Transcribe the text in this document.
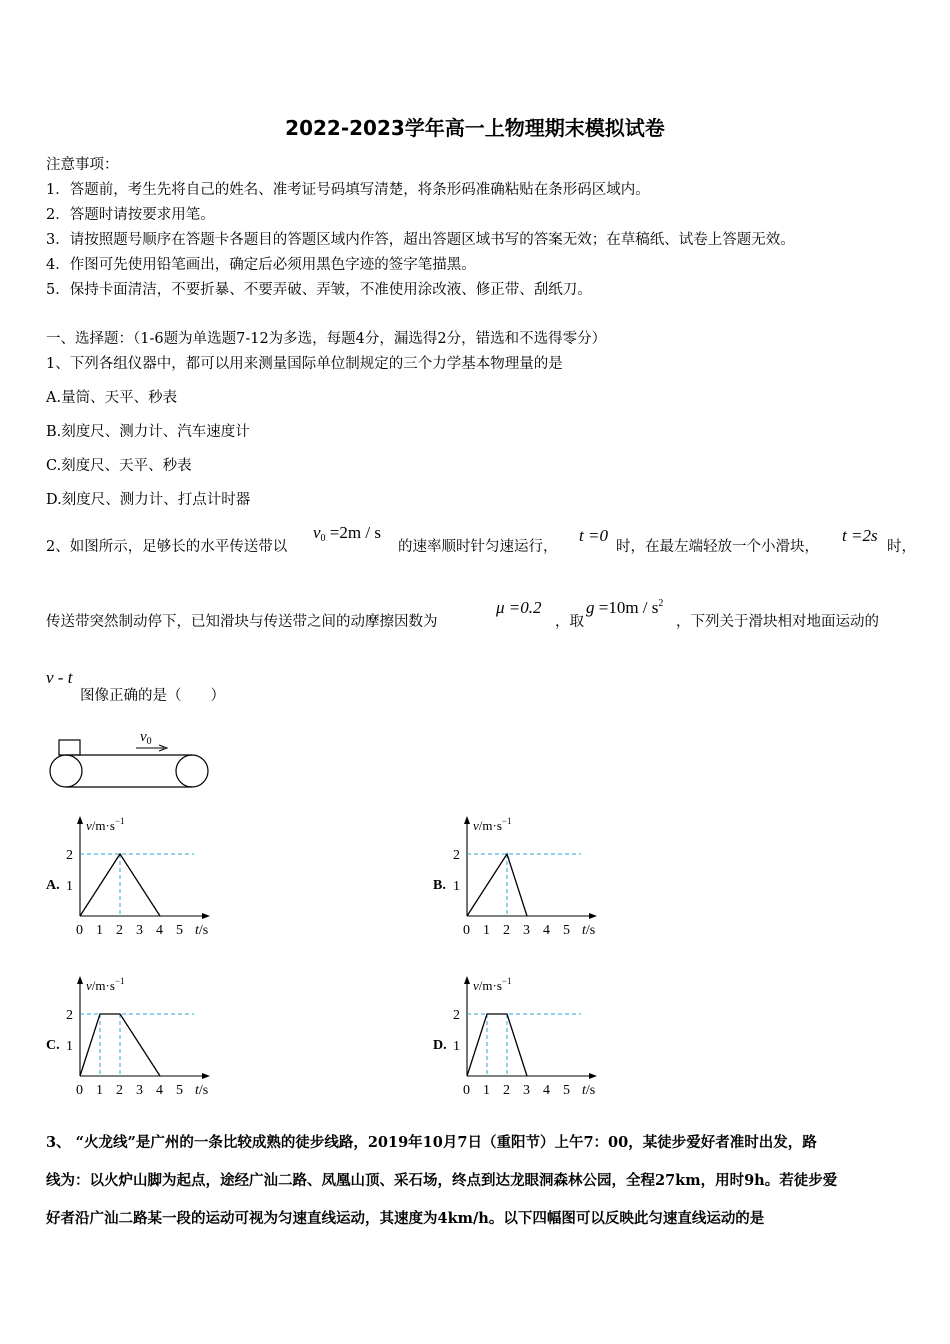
2022-2023学年高一上物理期末模拟试卷
注意事项：
1．答题前，考生先将自己的姓名、准考证号码填写清楚，将条形码准确粘贴在条形码区域内。
2．答题时请按要求用笔。
3．请按照题号顺序在答题卡各题目的答题区域内作答，超出答题区域书写的答案无效；在草稿纸、试卷上答题无效。
4．作图可先使用铅笔画出，确定后必须用黑色字迹的签字笔描黑。
5．保持卡面清洁，不要折暴、不要弄破、弄皱，不准使用涂改液、修正带、刮纸刀。
一、选择题：（1-6题为单选题7-12为多选，每题4分，漏选得2分，错选和不选得零分）
1、下列各组仪器中，都可以用来测量国际单位制规定的三个力学基本物理量的是
A.量筒、天平、秒表
B.刻度尺、测力计、汽车速度计
C.刻度尺、天平、秒表
D.刻度尺、测力计、打点计时器
2、如图所示，足够长的水平传送带以
$v_0 =2m / s$
的速率顺时针匀速运行，
t =0
时，在最左端轻放一个小滑块，
t =2s
时，
传送带突然制动停下，已知滑块与传送带之间的动摩擦因数为
μ =0.2
，取
$g =10m / s^2$
，下列关于滑块相对地面运动的
v - t
图像正确的是（　　）
$v_0$
A.
$v/m\cdot s^{-1}$
1
2
0 1 2 3 4 5 t/s
B.
$v/m\cdot s^{-1}$
1
2
0 1 2 3 4 5 t/s
C.
$v/m\cdot s^{-1}$
1
2
0 1 2 3 4 5 t/s
D.
$v/m\cdot s^{-1}$
1
2
0 1 2 3 4 5 t/s
3、 “火龙线”是广州的一条比较成熟的徒步线路，2019年10月7日（重阳节）上午7：00，某徒步爱好者准时出发，路
线为：以火炉山脚为起点，途经广汕二路、凤凰山顶、采石场，终点到达龙眼洞森林公园，全程27km，用时9h。若徒步爱
好者沿广汕二路某一段的运动可视为匀速直线运动，其速度为4km/h。以下四幅图可以反映此匀速直线运动的是
